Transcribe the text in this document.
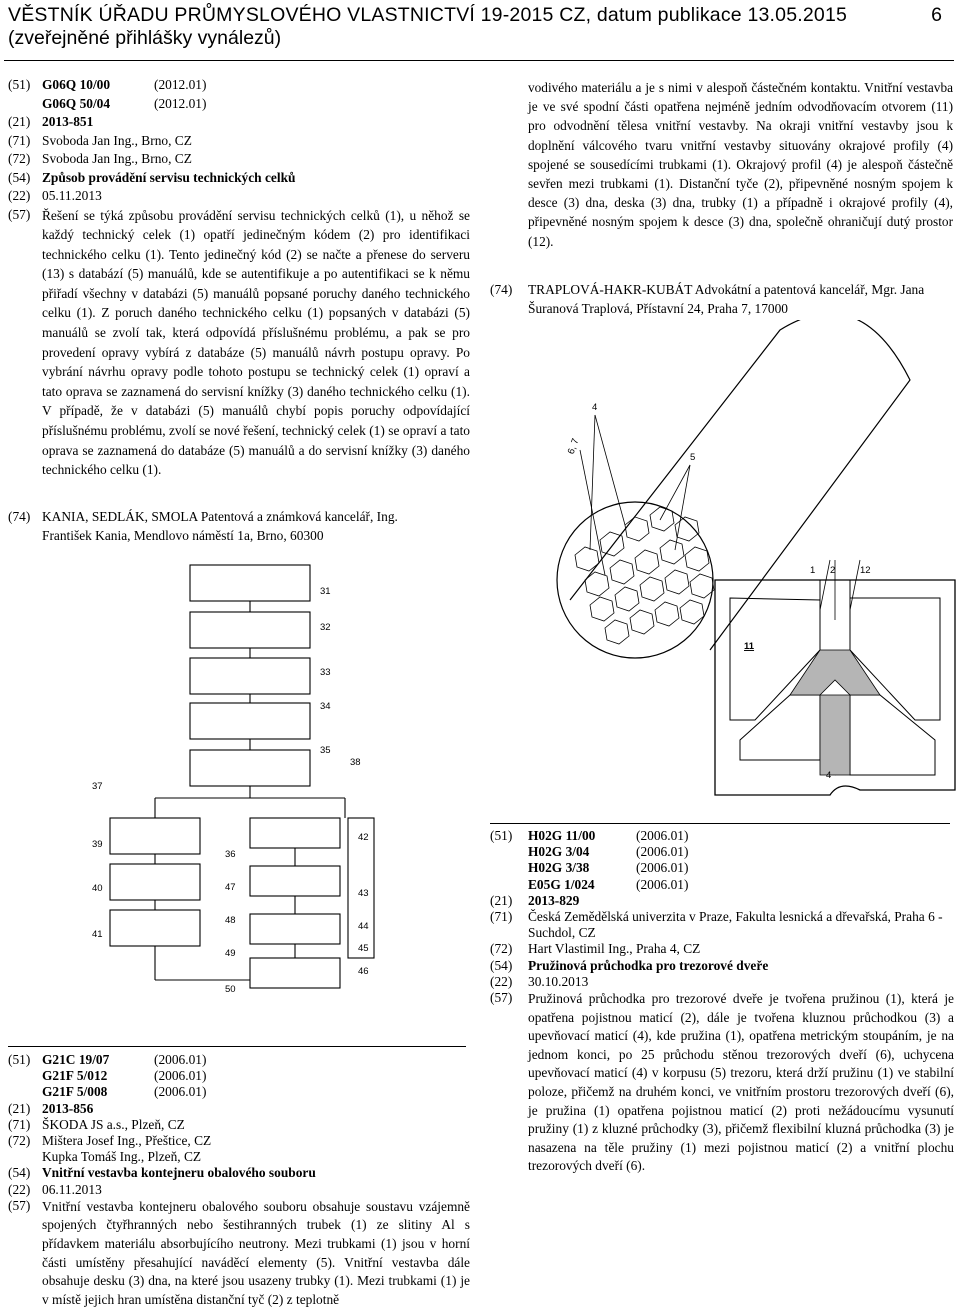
VĚSTNÍK ÚŘADU PRŮMYSLOVÉHO VLASTNICTVÍ 19-2015 CZ, datum publikace 13.05.2015
(zveřejněné přihlášky vynálezů)
6
(51) G06Q 10/00	(2012.01)
G06Q 50/04	(2012.01)
(21) 2013-851
(71) Svoboda Jan Ing., Brno, CZ
(72) Svoboda Jan Ing., Brno, CZ
(54) Způsob provádění servisu technických celků
(22) 05.11.2013
(57) Řešení se týká způsobu provádění servisu technických celků (1), u něhož se každý technický celek (1) opatří jedinečným kódem (2) pro identifikaci technického celku (1). Tento jedinečný kód (2) se načte a přenese do serveru (13) s databází (5) manuálů, kde se autentifikuje a po autentifikaci se k němu přiřadí všechny v databázi (5) manuálů popsané poruchy daného technického celku (1). Z poruch daného technického celku (1) popsaných v databázi (5) manuálů se zvolí tak, která odpovídá příslušnému problému, a pak se pro provedení opravy vybírá z databáze (5) manuálů návrh postupu opravy. Po vybrání návrhu opravy podle tohoto postupu se technický celek (1) opraví a tato oprava se zaznamená do servisní knížky (3) daného technického celku (1). V případě, že v databázi (5) manuálů chybí popis poruchy odpovídající příslušnému problému, zvolí se nové řešení, technický celek (1) se opraví a tato oprava se zaznamená do databáze (5) manuálů a do servisní knížky (3) daného technického celku (1).
(74) KANIA, SEDLÁK, SMOLA Patentová a známková kancelář, Ing.
František Kania, Mendlovo náměstí 1a, Brno, 60300
31
32
33
34
35
38
37
39
40
41
36
47
48
49
50
42
43
44
45
46
(51) G21C 19/07	(2006.01)
G21F 5/012	(2006.01)
G21F 5/008	(2006.01)
(21) 2013-856
(71) ŠKODA JS a.s., Plzeň, CZ
(72) Mištera Josef Ing., Přeštice, CZ
Kupka Tomáš Ing., Plzeň, CZ
(54) Vnitřní vestavba kontejneru obalového souboru
(22) 06.11.2013
(57) Vnitřní vestavba kontejneru obalového souboru obsahuje soustavu vzájemně spojených čtyřhranných nebo šestihranných trubek (1) ze slitiny Al s přídavkem materiálu absorbujícího neutrony. Mezi trubkami (1) jsou v horní části umístěny přesahující naváděcí elementy (5). Vnitřní vestavba dále obsahuje desku (3) dna, na které jsou usazeny trubky (1). Mezi trubkami (1) je v místě jejich hran umístěna distanční tyč (2) z teplotně
vodivého materiálu a je s nimi v alespoň částečném kontaktu. Vnitřní vestavba je ve své spodní části opatřena nejméně jedním odvodňovacím otvorem (11) pro odvodnění tělesa vnitřní vestavby. Na okraji vnitřní vestavby jsou k doplnění válcového tvaru vnitřní vestavby situovány okrajové profily (4) spojené se sousedícími trubkami (1). Okrajový profil (4) je alespoň částečně sevřen mezi trubkami (1). Distanční tyče (2), připevněné nosným spojem k desce (3) dna, deska (3) dna, trubky (1) a případně i okrajové profily (4), připevněné nosným spojem k desce (3) dna, společně ohraničují dutý prostor (12).
(74)	TRAPLOVÁ-HAKR-KUBÁT Advokátní a patentová kancelář, Mgr. Jana Šuranová Traplová, Přístavní 24, Praha 7, 17000
4
6, 7
5
1 2	12
11
4
(51)	H02G 11/00	(2006.01)
H02G 3/04	(2006.01)
H02G 3/38	(2006.01)
E05G 1/024	(2006.01)
(21)	2013-829
(71)	Česká Zemědělská univerzita v Praze, Fakulta lesnická a dřevařská, Praha 6 - Suchdol, CZ
(72)	Hart Vlastimil Ing., Praha 4, CZ
(54)	Pružinová průchodka pro trezorové dveře
(22)	30.10.2013
(57)	Pružinová průchodka pro trezorové dveře je tvořena pružinou (1), která je opatřena pojistnou maticí (2), dále je tvořena kluznou průchodkou (3) a upevňovací maticí (4), kde pružina (1), opatřena metrickým stoupáním, je na jednom konci, po 25 průchodu stěnou trezorových dveří (6), uchycena upevňovací maticí (4) v korpusu (5) trezoru, která drží pružinu (1) ve stabilní poloze, přičemž na druhém konci, ve vnitřním prostoru trezorových dveří (6), je pružina (1) opatřena pojistnou maticí (2) proti nežádoucímu vysunutí pružiny (1) z kluzné průchodky (3), přičemž flexibilní kluzná průchodka (3) je nasazena na těle pružiny (1) mezi pojistnou maticí (2) a vnitřní plochu trezorových dveří (6).
